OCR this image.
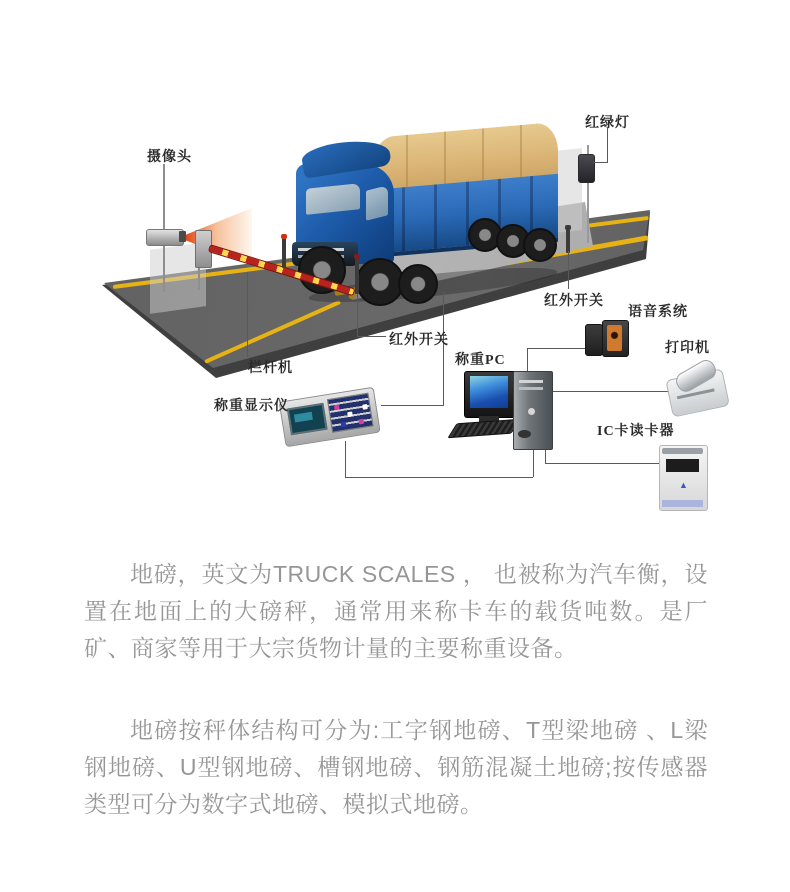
▲
摄像头
红绿灯
红外开关
红外开关
称重PC
语音系统
打印机
IC卡读卡器
栏杆机
称重显示仪

地磅，英文为TRUCK SCALES ， 也被称为汽车衡，设置在地面上的大磅秤，通常用来称卡车的载货吨数。是厂矿、商家等用于大宗货物计量的主要称重设备。

地磅按秤体结构可分为:工字钢地磅、T型梁地磅 、L梁钢地磅、U型钢地磅、槽钢地磅、钢筋混凝土地磅;按传感器类型可分为数字式地磅、模拟式地磅。
